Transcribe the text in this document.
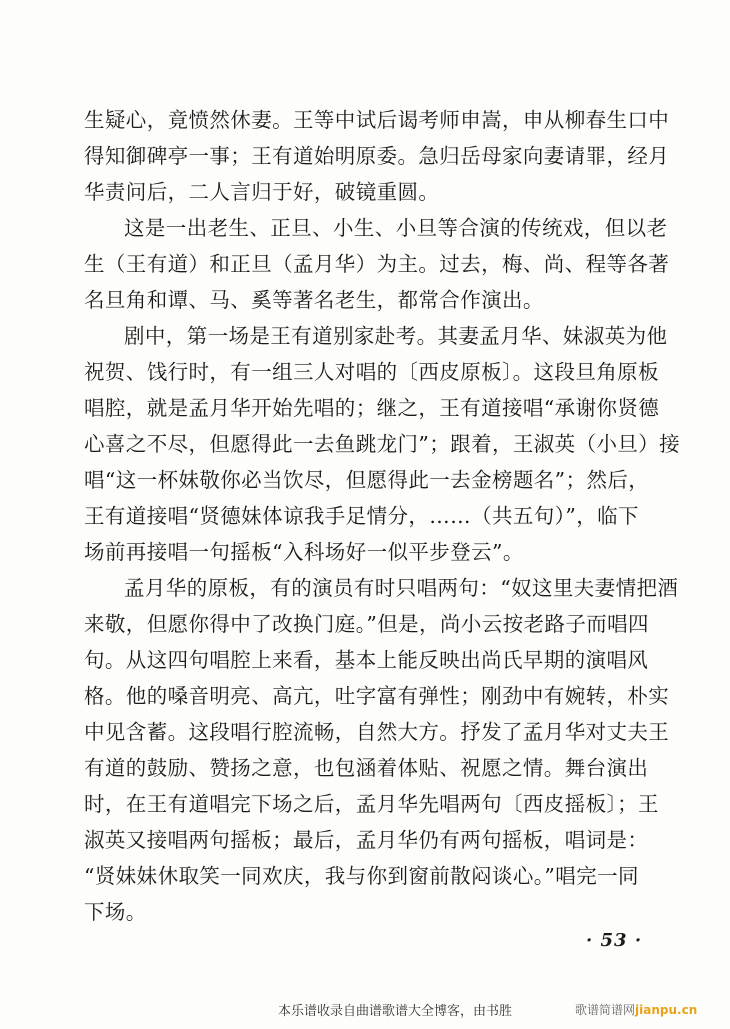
生疑心，竟愤然休妻。王等中试后谒考师申嵩，申从柳春生口中
得知御碑亭一事；王有道始明原委。急归岳母家向妻请罪，经月
华责问后，二人言归于好，破镜重圆。
这是一出老生、正旦、小生、小旦等合演的传统戏，但以老
生（王有道）和正旦（孟月华）为主。过去，梅、尚、程等各著
名旦角和谭、马、奚等著名老生，都常合作演出。
剧中，第一场是王有道别家赴考。其妻孟月华、妹淑英为他
祝贺、饯行时，有一组三人对唱的〔西皮原板〕。这段旦角原板
唱腔，就是孟月华开始先唱的；继之，王有道接唱“承谢你贤德
心喜之不尽，但愿得此一去鱼跳龙门”；跟着，王淑英（小旦）接
唱“这一杯妹敬你必当饮尽，但愿得此一去金榜题名”；然后，
王有道接唱“贤德妹体谅我手足情分，……（共五句）”，临下
场前再接唱一句摇板“入科场好一似平步登云”。
孟月华的原板，有的演员有时只唱两句：“奴这里夫妻情把酒
来敬，但愿你得中了改换门庭。”但是，尚小云按老路子而唱四
句。从这四句唱腔上来看，基本上能反映出尚氏早期的演唱风
格。他的嗓音明亮、高亢，吐字富有弹性；刚劲中有婉转，朴实
中见含蓄。这段唱行腔流畅，自然大方。抒发了孟月华对丈夫王
有道的鼓励、赞扬之意，也包涵着体贴、祝愿之情。舞台演出
时，在王有道唱完下场之后，孟月华先唱两句〔西皮摇板〕；王
淑英又接唱两句摇板；最后，孟月华仍有两句摇板，唱词是：
“贤妹妹休取笑一同欢庆，我与你到窗前散闷谈心。”唱完一同
下场。
· 53 ·
本乐谱收录自曲谱歌谱大全博客，由书胜	歌谱简谱网jianpu.cn
